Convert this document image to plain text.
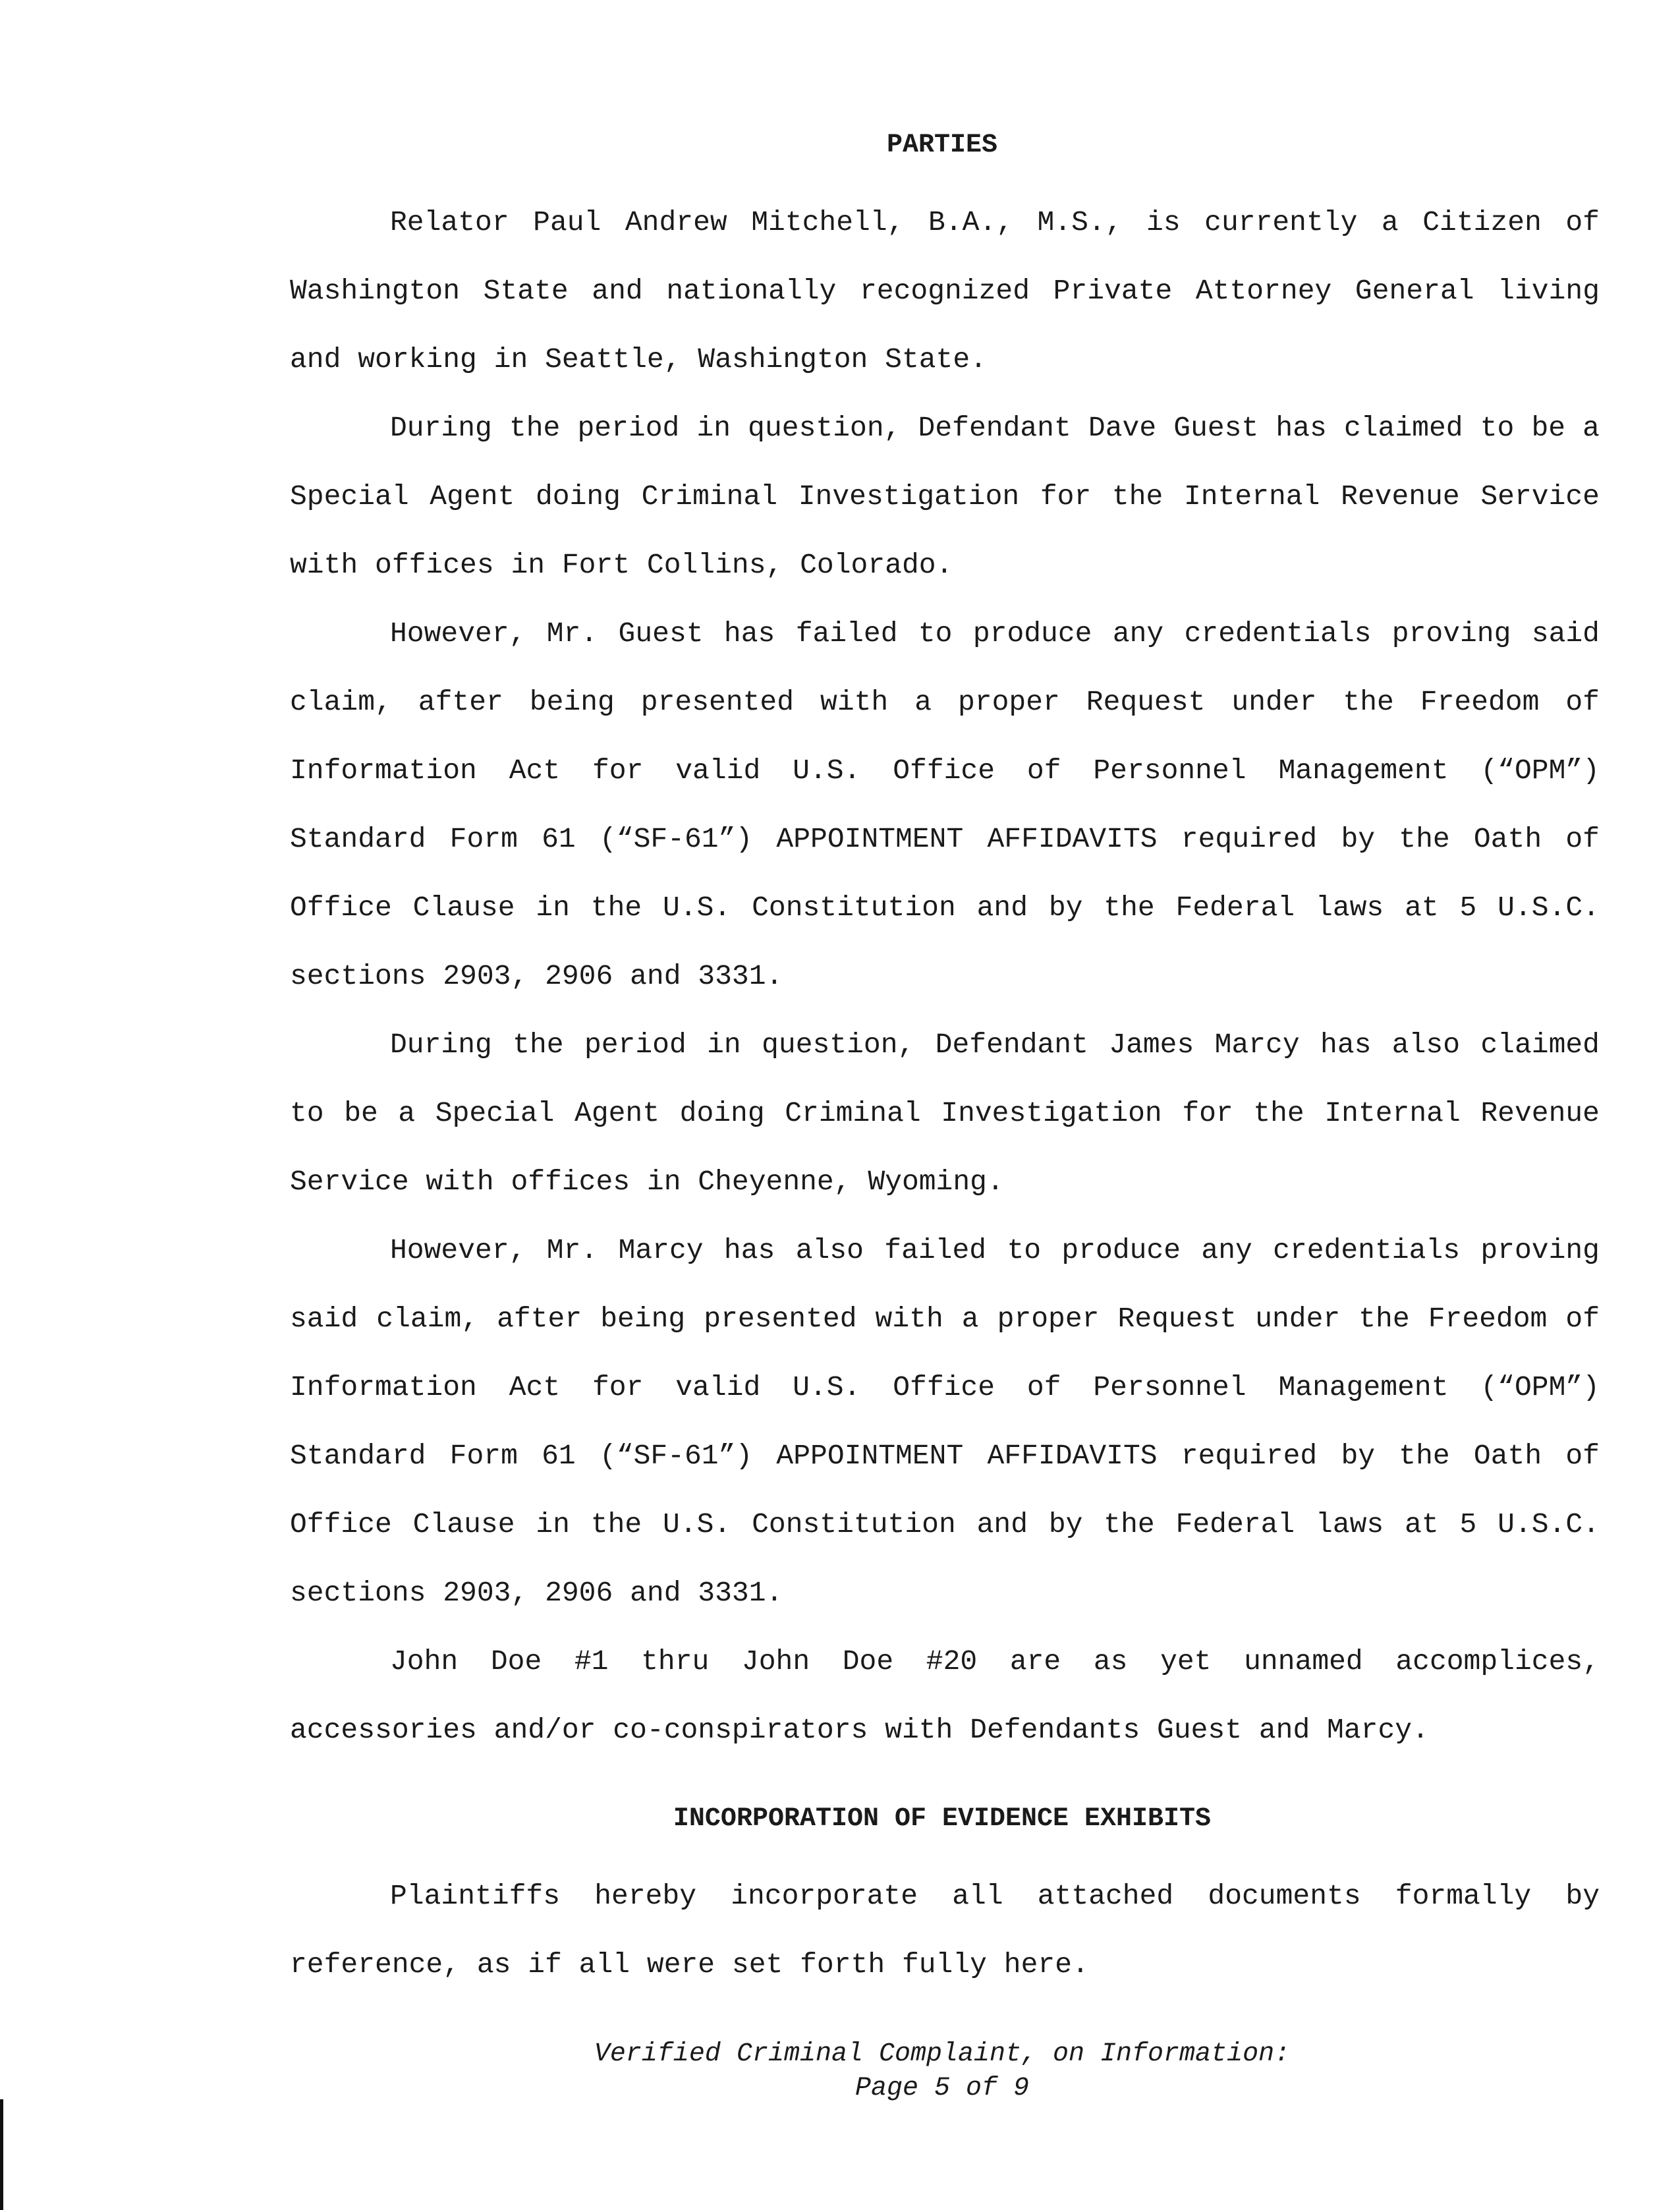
PARTIES

Relator Paul Andrew Mitchell, B.A., M.S., is currently a Citizen of Washington State and nationally recognized Private Attorney General living and working in Seattle, Washington State.

During the period in question, Defendant Dave Guest has claimed to be a Special Agent doing Criminal Investigation for the Internal Revenue Service with offices in Fort Collins, Colorado.

However, Mr. Guest has failed to produce any credentials proving said claim, after being presented with a proper Request under the Freedom of Information Act for valid U.S. Office of Personnel Management (“OPM”) Standard Form 61 (“SF-61”) APPOINTMENT AFFIDAVITS required by the Oath of Office Clause in the U.S. Constitution and by the Federal laws at 5 U.S.C. sections 2903, 2906 and 3331.

During the period in question, Defendant James Marcy has also claimed to be a Special Agent doing Criminal Investigation for the Internal Revenue Service with offices in Cheyenne, Wyoming.

However, Mr. Marcy has also failed to produce any credentials proving said claim, after being presented with a proper Request under the Freedom of Information Act for valid U.S. Office of Personnel Management (“OPM”) Standard Form 61 (“SF-61”) APPOINTMENT AFFIDAVITS required by the Oath of Office Clause in the U.S. Constitution and by the Federal laws at 5 U.S.C. sections 2903, 2906 and 3331.

John Doe #1 thru John Doe #20 are as yet unnamed accomplices, accessories and/or co-conspirators with Defendants Guest and Marcy.

INCORPORATION OF EVIDENCE EXHIBITS

Plaintiffs hereby incorporate all attached documents formally by reference, as if all were set forth fully here.

Verified Criminal Complaint, on Information:
Page 5 of 9
